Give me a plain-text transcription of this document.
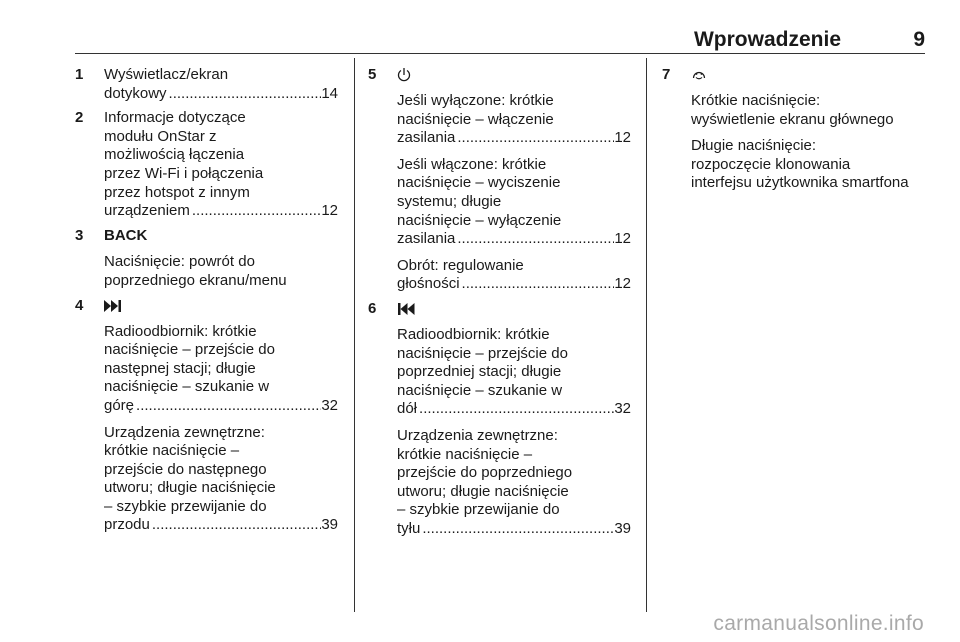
Wprowadzenie	9
1 Wyświetlacz/ekran
dotykowy .....	14
2 Informacje dotyczące
modułu OnStar z
możliwością łączenia
przez Wi-Fi i połączenia
przez hotspot z innym
urządzeniem .....	12
3 BACK
Naciśnięcie: powrót do
poprzedniego ekranu/menu
4
Radioodbiornik: krótkie
naciśnięcie – przejście do
następnej stacji; długie
naciśnięcie – szukanie w
górę .....	32
Urządzenia zewnętrzne:
krótkie naciśnięcie –
przejście do następnego
utworu; długie naciśnięcie
– szybkie przewijanie do
przodu .....	39
5
Jeśli wyłączone: krótkie
naciśnięcie – włączenie
zasilania .....	12
Jeśli włączone: krótkie
naciśnięcie – wyciszenie
systemu; długie
naciśnięcie – wyłączenie
zasilania .....	12
Obrót: regulowanie
głośności .....	12
6
Radioodbiornik: krótkie
naciśnięcie – przejście do
poprzedniej stacji; długie
naciśnięcie – szukanie w
dół .....	32
Urządzenia zewnętrzne:
krótkie naciśnięcie –
przejście do poprzedniego
utworu; długie naciśnięcie
– szybkie przewijanie do
tyłu .....	39
7
Krótkie naciśnięcie:
wyświetlenie ekranu głównego
Długie naciśnięcie:
rozpoczęcie klonowania
interfejsu użytkownika smartfona
carmanualsonline.info
